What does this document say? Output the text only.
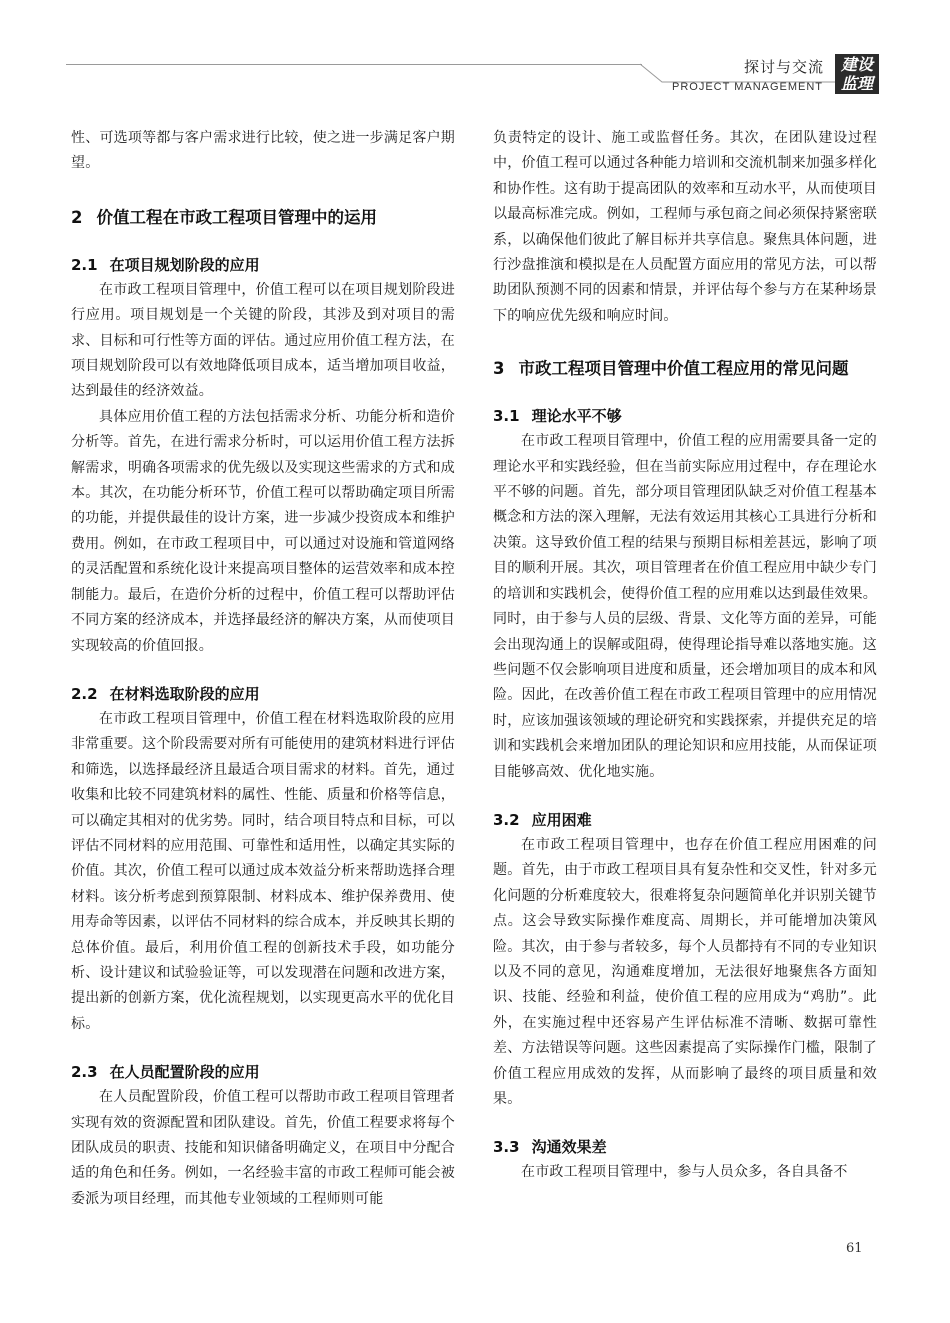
探讨与交流
PROJECT MANAGEMENT
建设
监理

性、可选项等都与客户需求进行比较，使之进一步满足客户期望。

2 价值工程在市政工程项目管理中的运用
2.1 在项目规划阶段的应用

在市政工程项目管理中，价值工程可以在项目规划阶段进行应用。项目规划是一个关键的阶段，其涉及到对项目的需求、目标和可行性等方面的评估。通过应用价值工程方法，在项目规划阶段可以有效地降低项目成本，适当增加项目收益，达到最佳的经济效益。

具体应用价值工程的方法包括需求分析、功能分析和造价分析等。首先，在进行需求分析时，可以运用价值工程方法拆解需求，明确各项需求的优先级以及实现这些需求的方式和成本。其次，在功能分析环节，价值工程可以帮助确定项目所需的功能，并提供最佳的设计方案，进一步减少投资成本和维护费用。例如，在市政工程项目中，可以通过对设施和管道网络的灵活配置和系统化设计来提高项目整体的运营效率和成本控制能力。最后，在造价分析的过程中，价值工程可以帮助评估不同方案的经济成本，并选择最经济的解决方案，从而使项目实现较高的价值回报。

2.2 在材料选取阶段的应用

在市政工程项目管理中，价值工程在材料选取阶段的应用非常重要。这个阶段需要对所有可能使用的建筑材料进行评估和筛选，以选择最经济且最适合项目需求的材料。首先，通过收集和比较不同建筑材料的属性、性能、质量和价格等信息，可以确定其相对的优劣势。同时，结合项目特点和目标，可以评估不同材料的应用范围、可靠性和适用性，以确定其实际的价值。其次，价值工程可以通过成本效益分析来帮助选择合理材料。该分析考虑到预算限制、材料成本、维护保养费用、使用寿命等因素，以评估不同材料的综合成本，并反映其长期的总体价值。最后，利用价值工程的创新技术手段，如功能分析、设计建议和试验验证等，可以发现潜在问题和改进方案，提出新的创新方案，优化流程规划，以实现更高水平的优化目标。

2.3 在人员配置阶段的应用

在人员配置阶段，价值工程可以帮助市政工程项目管理者实现有效的资源配置和团队建设。首先，价值工程要求将每个团队成员的职责、技能和知识储备明确定义，在项目中分配合适的角色和任务。例如，一名经验丰富的市政工程师可能会被委派为项目经理，而其他专业领域的工程师则可能

负责特定的设计、施工或监督任务。其次，在团队建设过程中，价值工程可以通过各种能力培训和交流机制来加强多样化和协作性。这有助于提高团队的效率和互动水平，从而使项目以最高标准完成。例如，工程师与承包商之间必须保持紧密联系，以确保他们彼此了解目标并共享信息。聚焦具体问题，进行沙盘推演和模拟是在人员配置方面应用的常见方法，可以帮助团队预测不同的因素和情景，并评估每个参与方在某种场景下的响应优先级和响应时间。

3 市政工程项目管理中价值工程应用的常见问题
3.1 理论水平不够

在市政工程项目管理中，价值工程的应用需要具备一定的理论水平和实践经验，但在当前实际应用过程中，存在理论水平不够的问题。首先，部分项目管理团队缺乏对价值工程基本概念和方法的深入理解，无法有效运用其核心工具进行分析和决策。这导致价值工程的结果与预期目标相差甚远，影响了项目的顺利开展。其次，项目管理者在价值工程应用中缺少专门的培训和实践机会，使得价值工程的应用难以达到最佳效果。同时，由于参与人员的层级、背景、文化等方面的差异，可能会出现沟通上的误解或阻碍，使得理论指导难以落地实施。这些问题不仅会影响项目进度和质量，还会增加项目的成本和风险。因此，在改善价值工程在市政工程项目管理中的应用情况时，应该加强该领域的理论研究和实践探索，并提供充足的培训和实践机会来增加团队的理论知识和应用技能，从而保证项目能够高效、优化地实施。

3.2 应用困难

在市政工程项目管理中，也存在价值工程应用困难的问题。首先，由于市政工程项目具有复杂性和交叉性，针对多元化问题的分析难度较大，很难将复杂问题简单化并识别关键节点。这会导致实际操作难度高、周期长，并可能增加决策风险。其次，由于参与者较多，每个人员都持有不同的专业知识以及不同的意见，沟通难度增加，无法很好地聚焦各方面知识、技能、经验和利益，使价值工程的应用成为“鸡肋”。此外，在实施过程中还容易产生评估标准不清晰、数据可靠性差、方法错误等问题。这些因素提高了实际操作门槛，限制了价值工程应用成效的发挥，从而影响了最终的项目质量和效果。

3.3 沟通效果差

在市政工程项目管理中，参与人员众多，各自具备不

61
